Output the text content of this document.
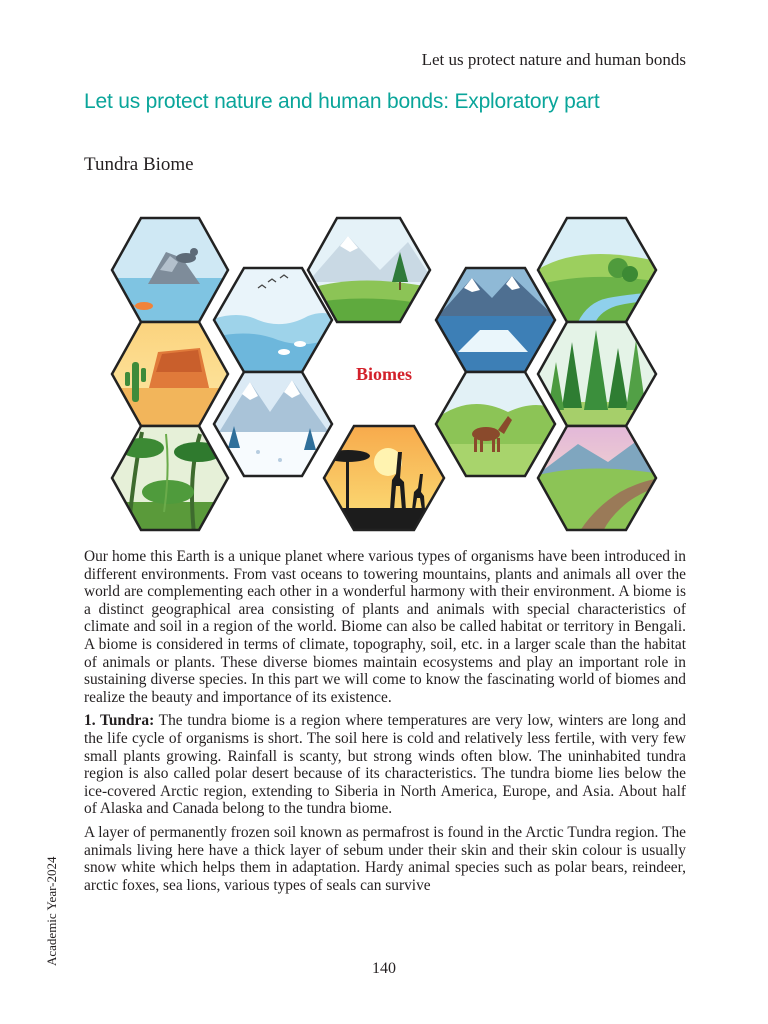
Let us protect nature and human bonds
Let us protect nature and human bonds: Exploratory part
Tundra Biome
Biomes

Our home this Earth is a unique planet where various types of organisms have been introduced in different environments. From vast oceans to towering mountains, plants and animals all over the world are complementing each other in a wonderful harmony with their environment. A biome is a distinct geographical area consisting of plants and animals with special characteristics of climate and soil in a region of the world. Biome can also be called habitat or territory in Bengali. A biome is considered in terms of climate, topography, soil, etc. in a larger scale than the habitat of animals or plants. These diverse biomes maintain ecosystems and play an important role in sustaining diverse species. In this part we will come to know the fascinating world of biomes and realize the beauty and importance of its existence.

1. Tundra: The tundra biome is a region where temperatures are very low, winters are long and the life cycle of organisms is short. The soil here is cold and relatively less fertile, with very few small plants growing. Rainfall is scanty, but strong winds often blow. The uninhabited tundra region is also called polar desert because of its characteristics. The tundra biome lies below the ice-covered Arctic region, extending to Siberia in North America, Europe, and Asia. About half of Alaska and Canada belong to the tundra biome.

A layer of permanently frozen soil known as permafrost is found in the Arctic Tundra region. The animals living here have a thick layer of sebum under their skin and their skin colour is usually snow white which helps them in adaptation. Hardy animal species such as polar bears, reindeer, arctic foxes, sea lions, various types of seals can survive

Academic Year-2024
140
